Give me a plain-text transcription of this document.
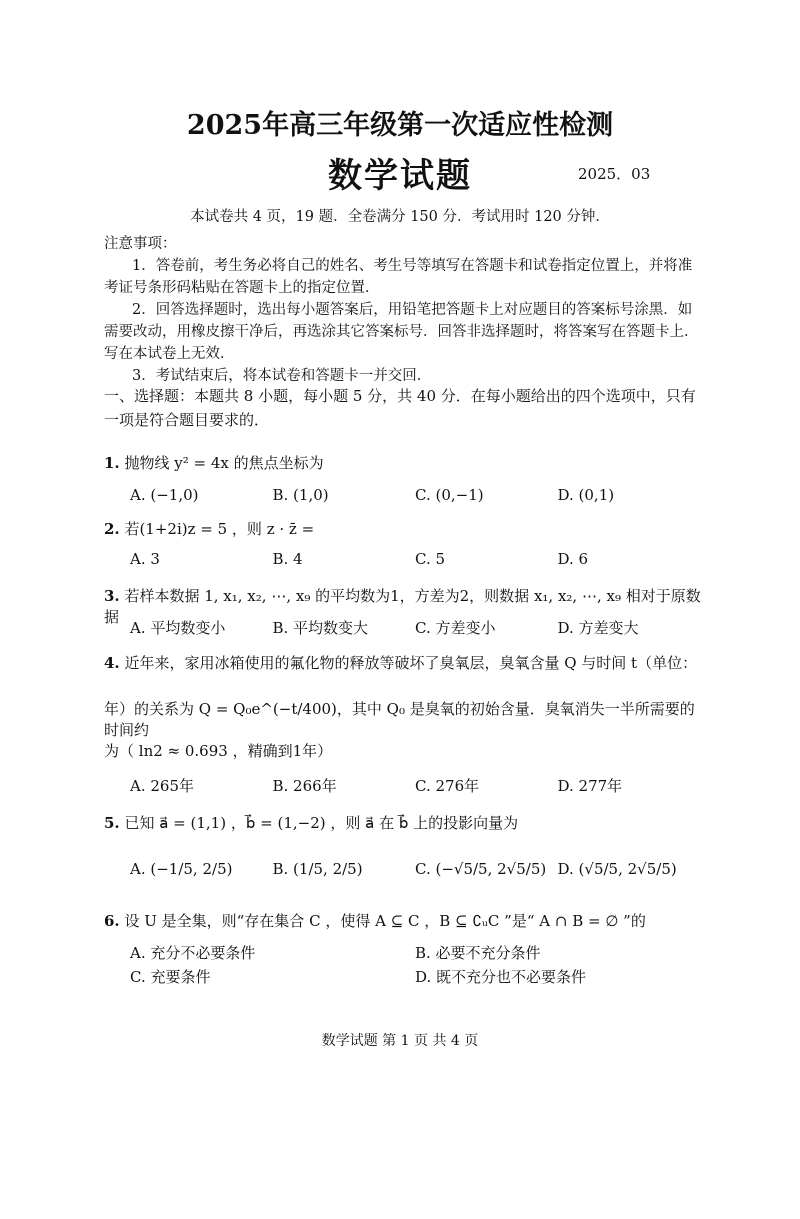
2025年高三年级第一次适应性检测
数学试题	2025．03
本试卷共 4 页，19 题．全卷满分 150 分．考试用时 120 分钟．

注意事项：

1．答卷前，考生务必将自己的姓名、考生号等填写在答题卡和试卷指定位置上，并将准考证号条形码粘贴在答题卡上的指定位置．

2．回答选择题时，选出每小题答案后，用铅笔把答题卡上对应题目的答案标号涂黑．如需要改动，用橡皮擦干净后，再选涂其它答案标号．回答非选择题时，将答案写在答题卡上．写在本试卷上无效．

3．考试结束后，将本试卷和答题卡一并交回．

一、选择题：本题共 8 小题，每小题 5 分，共 40 分．在每小题给出的四个选项中，只有一项是符合题目要求的．
1. 抛物线 y² = 4x 的焦点坐标为
A. (−1,0)	B. (1,0)	C. (0,−1)	D. (0,1)
2. 若(1+2i)z = 5 ，则 z · z̄ =
A. 3	B. 4	C. 5	D. 6
3. 若样本数据 1, x₁, x₂, ⋯, x₉ 的平均数为1，方差为2，则数据 x₁, x₂, ⋯, x₉ 相对于原数据
A. 平均数变小	B. 平均数变大	C. 方差变小	D. 方差变大
4. 近年来，家用冰箱使用的氟化物的释放等破坏了臭氧层，臭氧含量 Q 与时间 t（单位：
年）的关系为 Q = Q₀e^(−t/400)，其中 Q₀ 是臭氧的初始含量．臭氧消失一半所需要的时间约
为（ ln2 ≈ 0.693 ，精确到1年）
A. 265年	B. 266年	C. 276年	D. 277年
5. 已知 a⃗ = (1,1) ，b⃗ = (1,−2) ，则 a⃗ 在 b⃗ 上的投影向量为
A. (−1/5, 2/5)	B. (1/5, 2/5)	C. (−√5/5, 2√5/5) D. (√5/5, 2√5/5)
6. 设 U 是全集，则“存在集合 C ，使得 A ⊆ C ，B ⊆ ∁ᵤC ”是“ A ∩ B = ∅ ”的
A. 充分不必要条件	B. 必要不充分条件
C. 充要条件	D. 既不充分也不必要条件
数学试题 第 1 页 共 4 页
